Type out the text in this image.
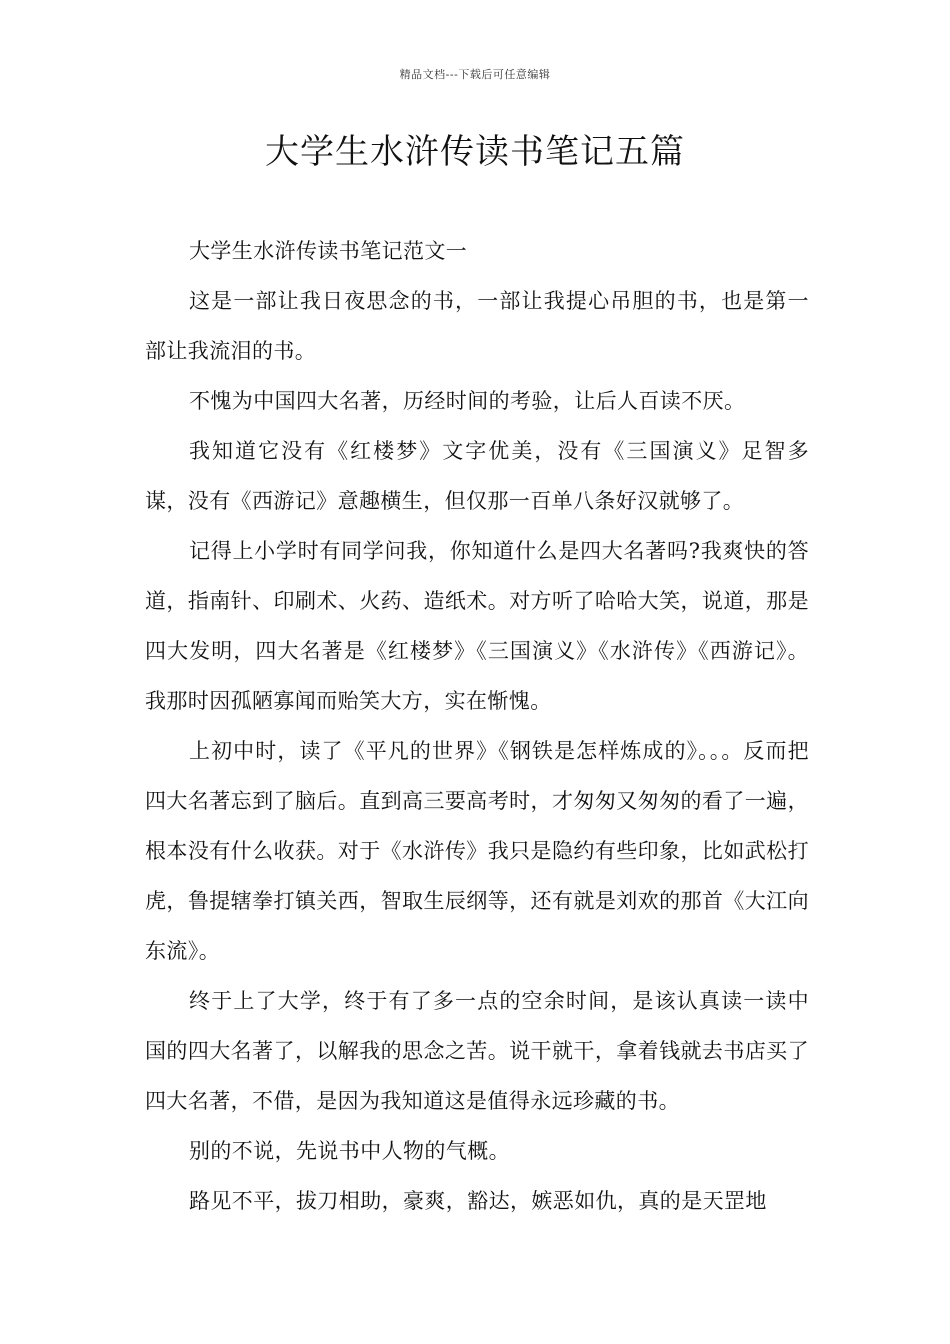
精品文档---下载后可任意编辑
大学生水浒传读书笔记五篇

大学生水浒传读书笔记范文一

这是一部让我日夜思念的书，一部让我提心吊胆的书，也是第一部让我流泪的书。

不愧为中国四大名著，历经时间的考验，让后人百读不厌。

我知道它没有《红楼梦》文字优美，没有《三国演义》足智多谋，没有《西游记》意趣横生，但仅那一百单八条好汉就够了。

记得上小学时有同学问我，你知道什么是四大名著吗?我爽快的答道，指南针、印刷术、火药、造纸术。对方听了哈哈大笑，说道，那是四大发明，四大名著是《红楼梦》《三国演义》《水浒传》《西游记》。我那时因孤陋寡闻而贻笑大方，实在惭愧。

上初中时，读了《平凡的世界》《钢铁是怎样炼成的》。。。反而把四大名著忘到了脑后。直到高三要高考时，才匆匆又匆匆的看了一遍，根本没有什么收获。对于《水浒传》我只是隐约有些印象，比如武松打虎，鲁提辖拳打镇关西，智取生辰纲等，还有就是刘欢的那首《大江向东流》。

终于上了大学，终于有了多一点的空余时间，是该认真读一读中国的四大名著了，以解我的思念之苦。说干就干，拿着钱就去书店买了四大名著，不借，是因为我知道这是值得永远珍藏的书。

别的不说，先说书中人物的气概。

路见不平，拔刀相助，豪爽，豁达，嫉恶如仇，真的是天罡地
